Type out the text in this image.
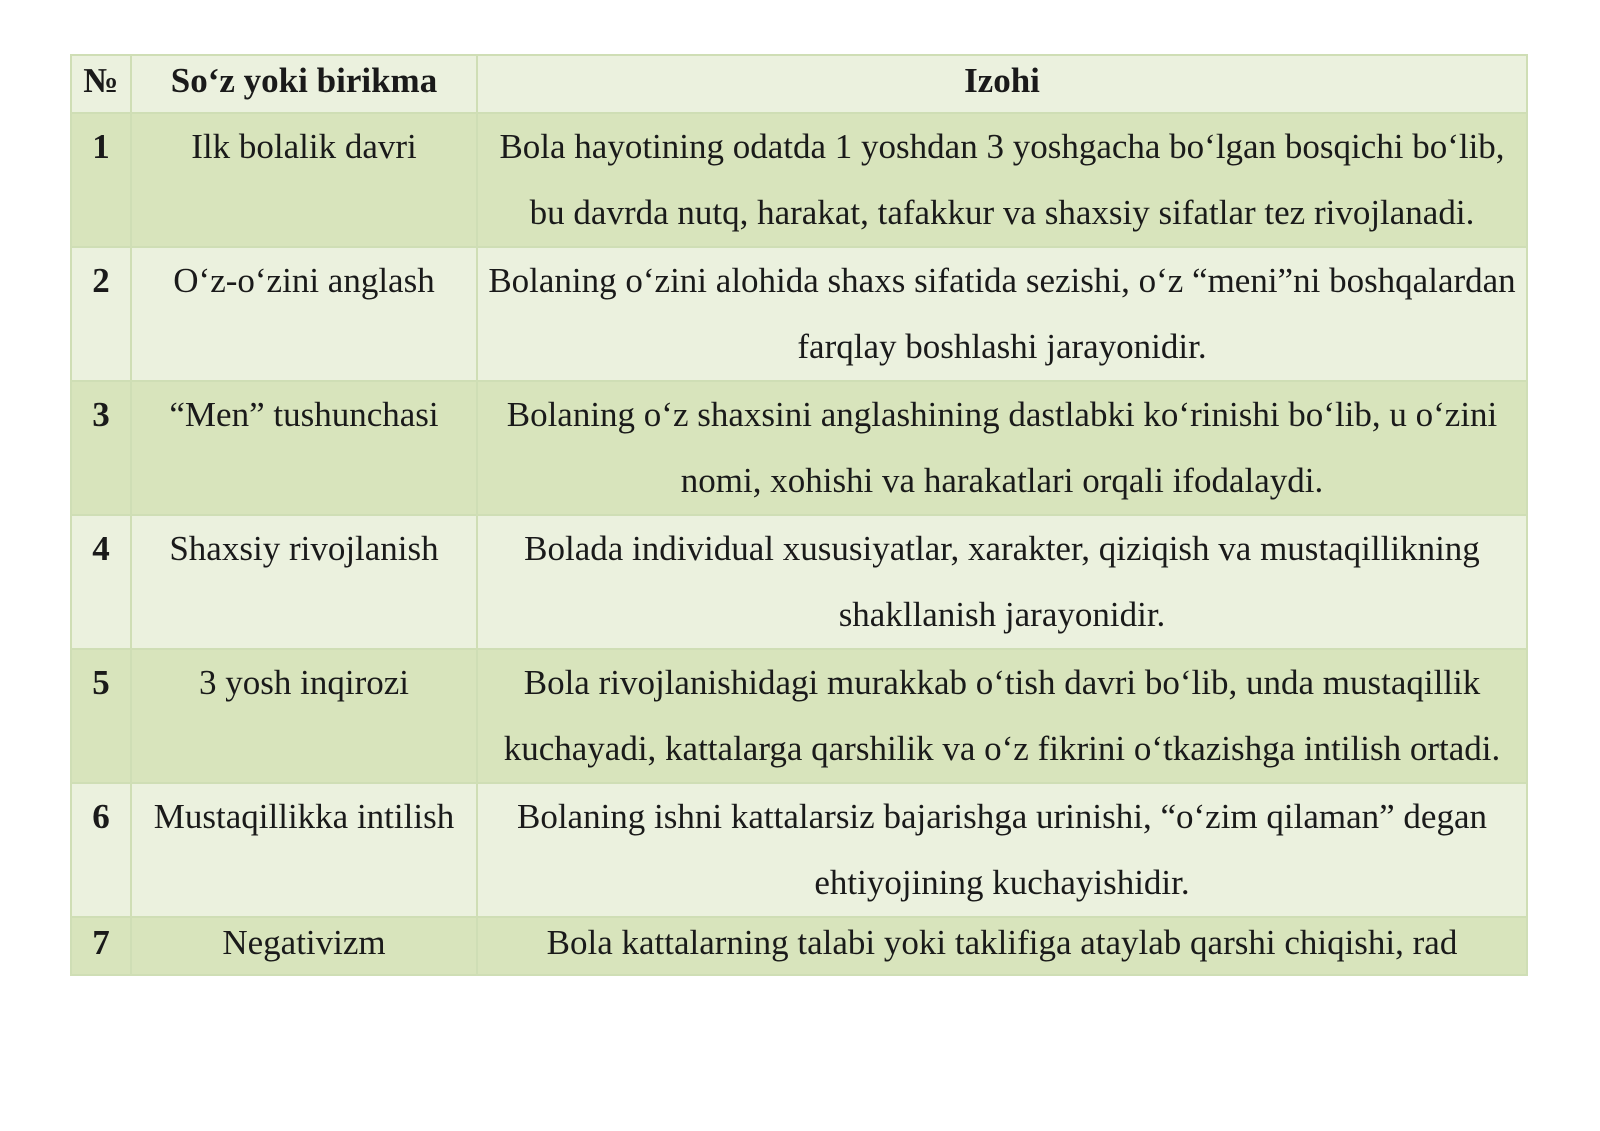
№	So‘z yoki birikma	Izohi
1	Ilk bolalik davri	Bola hayotining odatda 1 yoshdan 3 yoshgacha bo‘lgan bosqichi bo‘lib, bu davrda nutq, harakat, tafakkur va shaxsiy sifatlar tez rivojlanadi.
2	O‘z-o‘zini anglash	Bolaning o‘zini alohida shaxs sifatida sezishi, o‘z “meni”ni boshqalardan farqlay boshlashi jarayonidir.
3	“Men” tushunchasi	Bolaning o‘z shaxsini anglashining dastlabki ko‘rinishi bo‘lib, u o‘zini nomi, xohishi va harakatlari orqali ifodalaydi.
4	Shaxsiy rivojlanish	Boladа individual xususiyatlar, xarakter, qiziqish va mustaqillikning shakllanish jarayonidir.
5	3 yosh inqirozi	Bola rivojlanishidagi murakkab o‘tish davri bo‘lib, unda mustaqillik kuchayadi, kattalarga qarshilik va o‘z fikrini o‘tkazishga intilish ortadi.
6	Mustaqillikka intilish	Bolaning ishni kattalarsiz bajarishga urinishi, “o‘zim qilaman” degan ehtiyojining kuchayishidir.
7	Negativizm	Bola kattalarning talabi yoki taklifiga ataylab qarshi chiqishi, rad
